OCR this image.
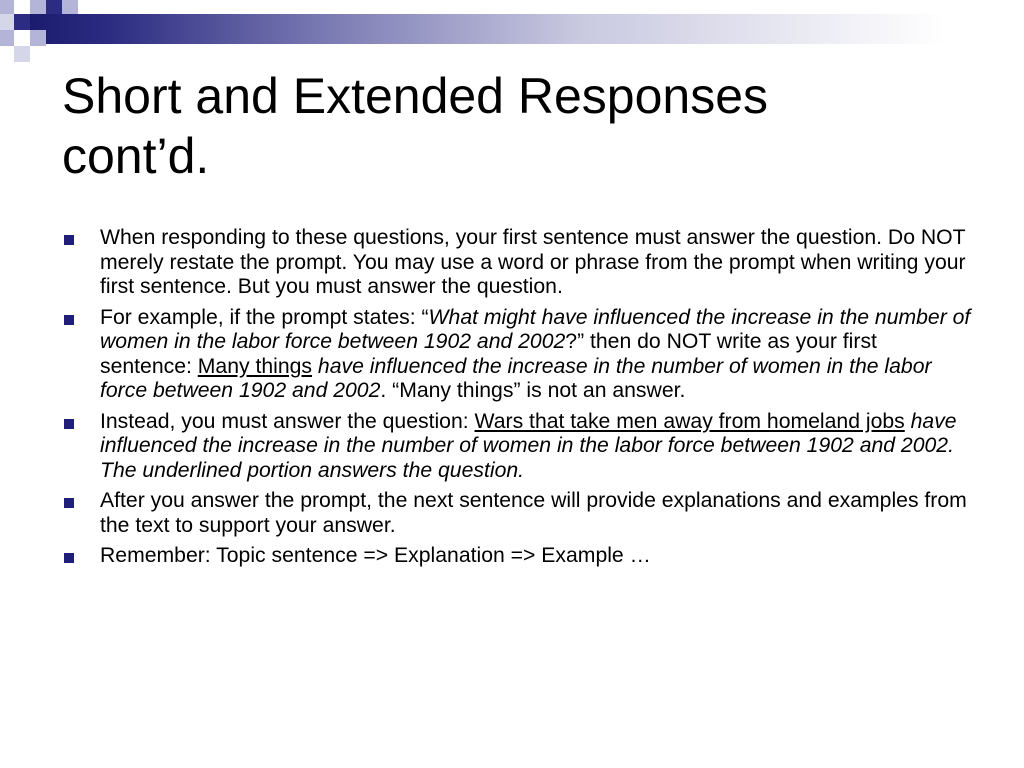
Short and Extended Responses
cont’d.
When responding to these questions, your first sentence must answer the question. Do NOT merely restate the prompt. You may use a word or phrase from the prompt when writing your first sentence. But you must answer the question.
For example, if the prompt states: “What might have influenced the increase in the number of women in the labor force between 1902 and 2002?” then do NOT write as your first sentence: Many things have influenced the increase in the number of women in the labor force between 1902 and 2002. “Many things” is not an answer.
Instead, you must answer the question: Wars that take men away from homeland jobs have influenced the increase in the number of women in the labor force between 1902 and 2002. The underlined portion answers the question.
After you answer the prompt, the next sentence will provide explanations and examples from the text to support your answer.
Remember: Topic sentence => Explanation => Example …
